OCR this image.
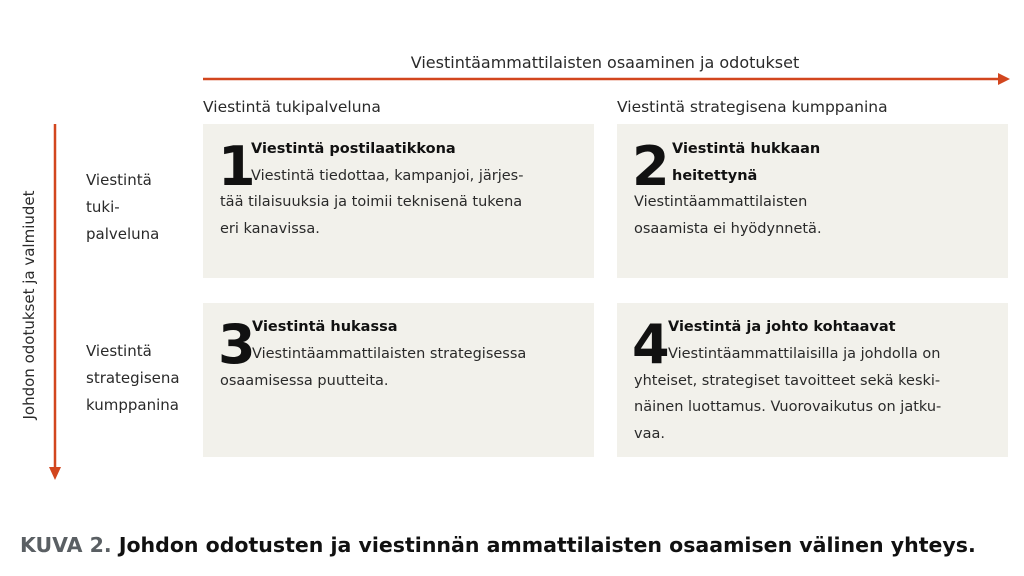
Viestintäammattilaisten osaaminen ja odotukset
Viestintä tukipalveluna	Viestintä strategisena kumppanina
Johdon odotukset ja valmiudet
Viestintä
tuki-
palveluna
Viestintä
strategisena
kumppanina
1
Viestintä postilaatikkona
Viestintä tiedottaa, kampanjoi, järjes-
tää tilaisuuksia ja toimii teknisenä tukena
eri kanavissa.
2 Viestintä hukkaan
heitettynä
Viestintäammattilaisten
osaamista ei hyödynnetä.
3
Viestintä hukassa
Viestintäammattilaisten strategisessa
osaamisessa puutteita.
4
Viestintä ja johto kohtaavat
Viestintäammattilaisilla ja johdolla on
yhteiset, strategiset tavoitteet sekä keski-
näinen luottamus. Vuorovaikutus on jatku-
vaa.
KUVA 2. Johdon odotusten ja viestinnän ammattilaisten osaamisen välinen yhteys.
